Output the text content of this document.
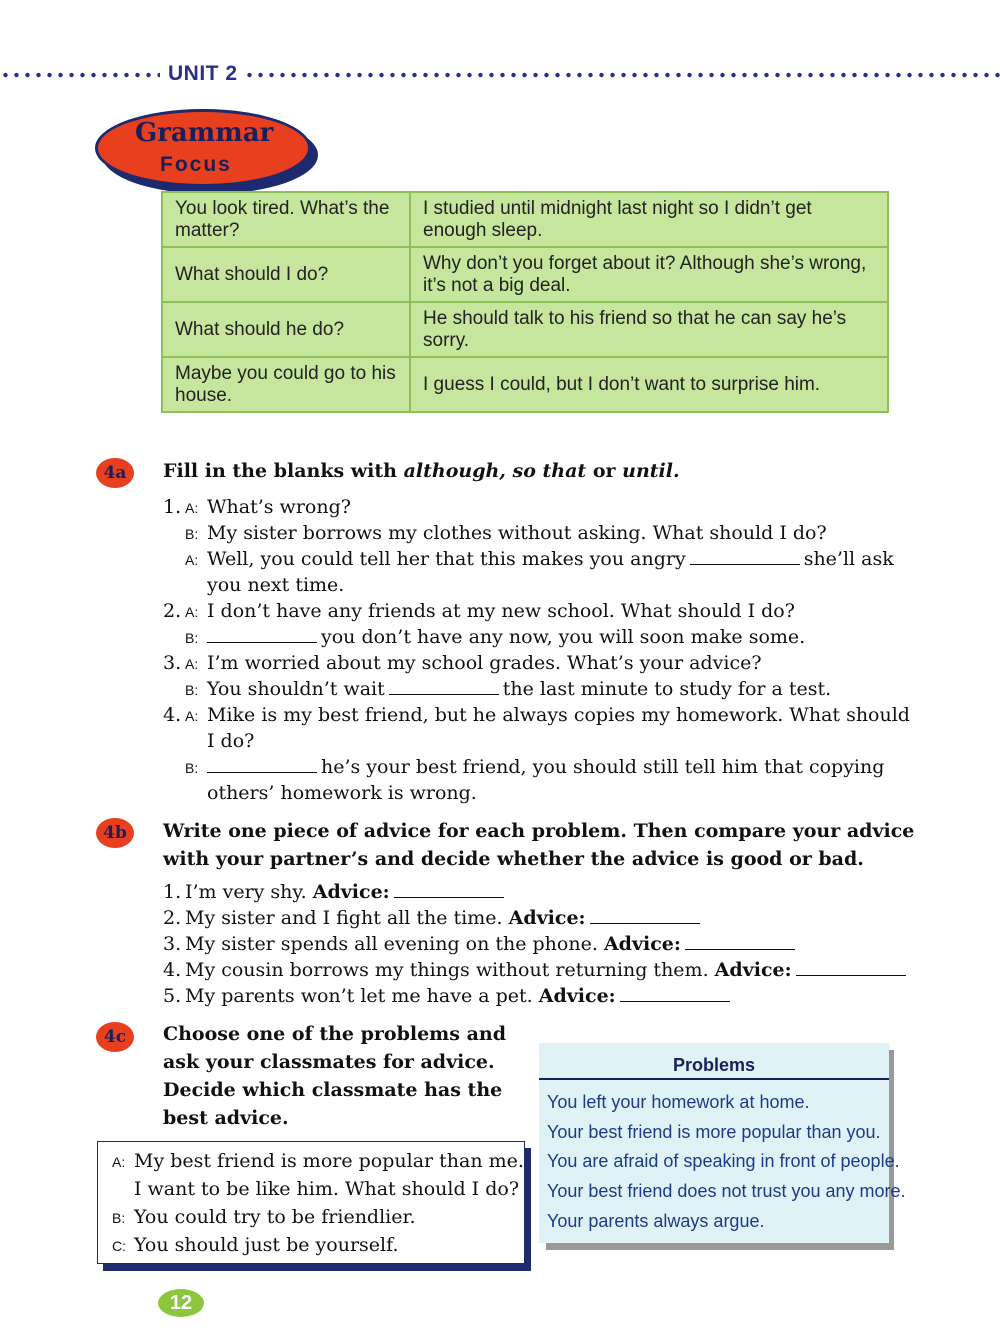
UNIT 2
Grammar
Focus
You look tired. What’s the matter?	I studied until midnight last night so I didn’t get enough sleep.
What should I do?	Why don’t you forget about it? Although she’s wrong, it’s not a big deal.
What should he do?	He should talk to his friend so that he can say he’s sorry.
Maybe you could go to his house.	I guess I could, but I don’t want to surprise him.
4a	Fill in the blanks with although, so that or until.
1. A: What’s wrong?
B: My sister borrows my clothes without asking. What should I do?
A: Well, you could tell her that this makes you angry	she’ll ask
you next time.
2. A: I don’t have any friends at my new school. What should I do?
B:	you don’t have any now, you will soon make some.
3. A: I’m worried about my school grades. What’s your advice?
B: You shouldn’t wait	the last minute to study for a test.
4. A: Mike is my best friend, but he always copies my homework. What should
I do?
B:	he’s your best friend, you should still tell him that copying
others’ homework is wrong.
4b	Write one piece of advice for each problem. Then compare your advice
with your partner’s and decide whether the advice is good or bad.
1. I’m very shy. Advice:
2. My sister and I fight all the time. Advice:
3. My sister spends all evening on the phone. Advice:
4. My cousin borrows my things without returning them. Advice:
5. My parents won’t let me have a pet. Advice:
4c	Choose one of the problems and
ask your classmates for advice.
Decide which classmate has the
best advice.
A: My best friend is more popular than me.
I want to be like him. What should I do?
B: You could try to be friendlier.
C: You should just be yourself.
Problems
You left your homework at home.
Your best friend is more popular than you.
You are afraid of speaking in front of people.
Your best friend does not trust you any more.
Your parents always argue.
12
